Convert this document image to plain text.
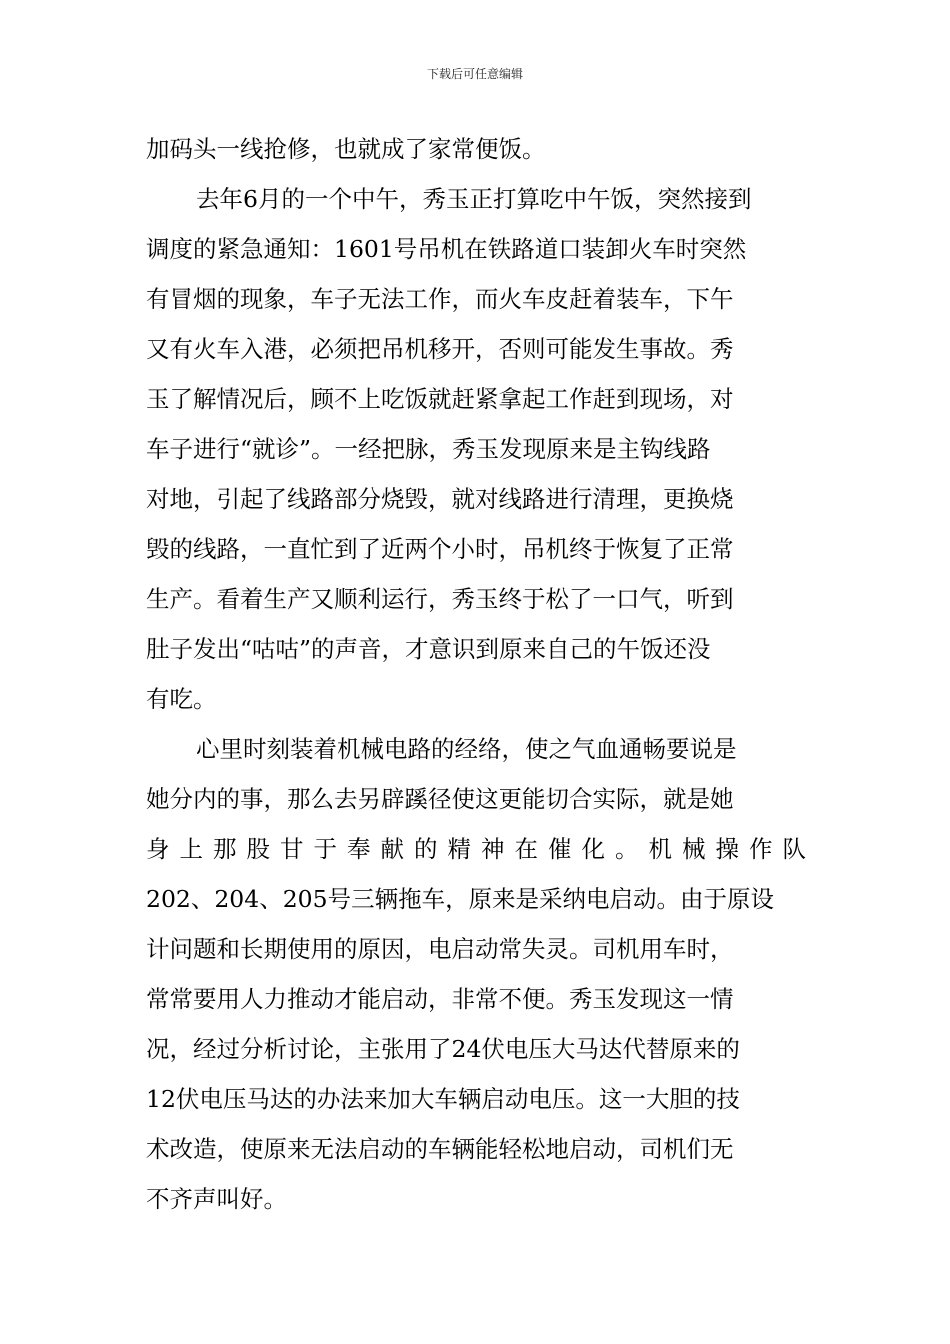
下载后可任意编辑
加码头一线抢修，也就成了家常便饭。
去年6月的一个中午，秀玉正打算吃中午饭，突然接到
调度的紧急通知：1601号吊机在铁路道口装卸火车时突然
有冒烟的现象，车子无法工作，而火车皮赶着装车，下午
又有火车入港，必须把吊机移开，否则可能发生事故。秀
玉了解情况后，顾不上吃饭就赶紧拿起工作赶到现场，对
车子进行“就诊”。一经把脉，秀玉发现原来是主钩线路
对地，引起了线路部分烧毁，就对线路进行清理，更换烧
毁的线路，一直忙到了近两个小时，吊机终于恢复了正常
生产。看着生产又顺利运行，秀玉终于松了一口气，听到
肚子发出“咕咕”的声音，才意识到原来自己的午饭还没
有吃。
心里时刻装着机械电路的经络，使之气血通畅要说是
她分内的事，那么去另辟蹊径使这更能切合实际，就是她
身 上 那 股 甘 于 奉 献 的 精 神 在 催 化 。 机 械 操 作 队
202、204、205号三辆拖车，原来是采纳电启动。由于原设
计问题和长期使用的原因，电启动常失灵。司机用车时，
常常要用人力推动才能启动，非常不便。秀玉发现这一情
况，经过分析讨论，主张用了24伏电压大马达代替原来的
12伏电压马达的办法来加大车辆启动电压。这一大胆的技
术改造，使原来无法启动的车辆能轻松地启动，司机们无
不齐声叫好。
